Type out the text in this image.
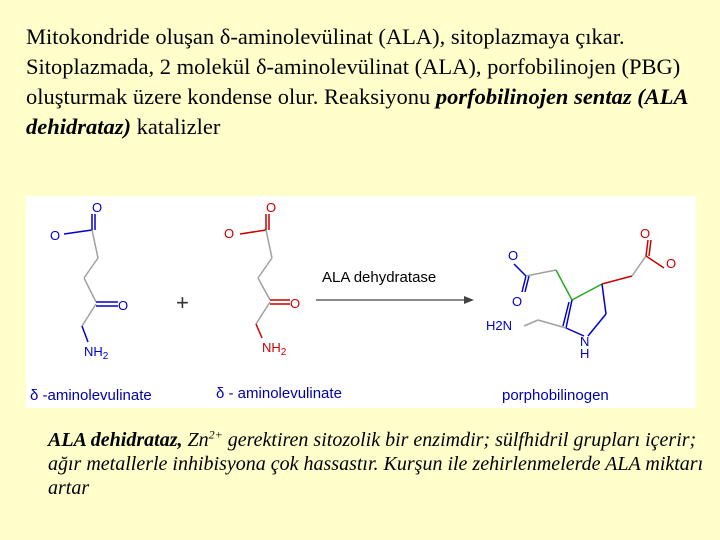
Mitokondride oluşan δ-aminolevülinat (ALA), sitoplazmaya çıkar. Sitoplazmada, 2 molekül δ-aminolevülinat (ALA), porfobilinojen (PBG) oluşturmak üzere kondense olur. Reaksiyonu porfobilinojen sentaz (ALA dehidrataz) katalizler
O
O
O
$NH_2$
+
O
O
O
$NH_2$
ALA dehydratase
O
O
H2N
N
H
O
O
δ -aminolevulinate	δ - aminolevulinate	porphobilinogen
ALA dehidrataz, $Zn^{2+}$ gerektiren sitozolik bir enzimdir; sülfhidril grupları içerir; ağır metallerle inhibisyona çok hassastır. Kurşun ile zehirlenmelerde ALA miktarı artar
